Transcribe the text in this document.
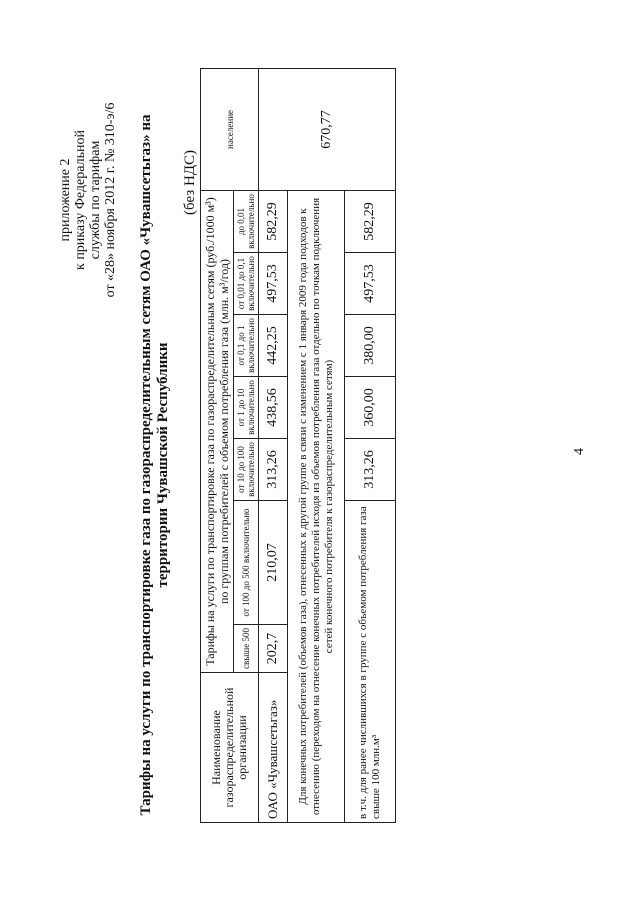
приложение 2 к приказу Федеральной службы по тарифам от «28» ноября 2012 г. № 310-э/6 Тарифы на услуги по транспортировке газа по газораспределительным сетям ОАО «Чувашсетьгаз» на территории Чувашской Республики
(без НДС)
Наименование газораспределительной организации	Тарифы на услуги по транспортировке газа по газораспределительным сетям (руб./1000 м³) по группам потребителей с объемом потребления газа (млн. м³/год)							население
	свыше 500	от 100 до 500 включительно	от 10 до 100 включительно	от 1 до 10 включительно	от 0,1 до 1 включительно	от 0,01 до 0,1 включительно	до 0,01 включительно	
ОАО «Чувашсетьгаз»	202,7	210,07	313,26	438,56	442,25	497,53	582,29	670,77
Для конечных потребителей (объемов газа), отнесенных к другой группе в связи с изменением с 1 января 2009 года подходов к отнесению (переходом на отнесение конечных потребителей исходя из объемов потребления газа отдельно по точкам подключения сетей конечного потребителя к газораспределительным сетям)								
в т.ч. для ранее числившихся в группе с объемом потребления газа свыше 100 млн.м³			313,26	360,00	380,00	497,53	582,29	
4
